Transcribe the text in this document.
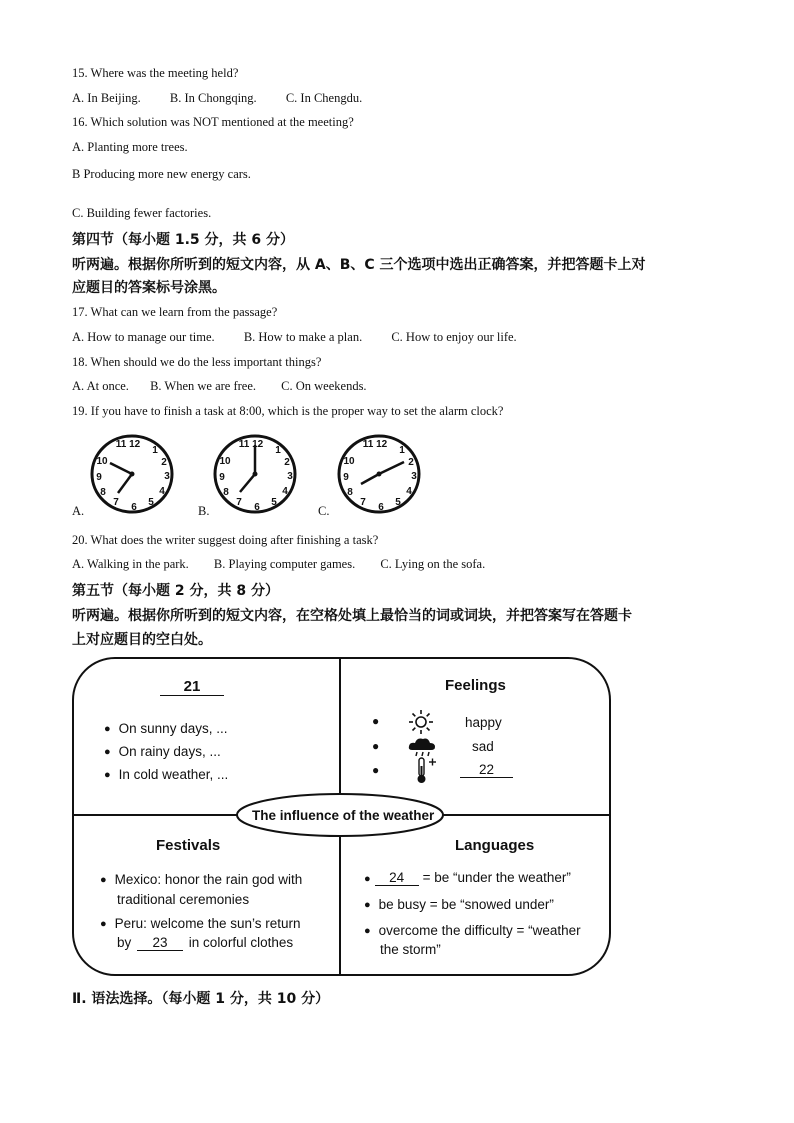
15. Where was the meeting held?
A. In Beijing. B. In Chongqing. C. In Chengdu.
16. Which solution was NOT mentioned at the meeting?
A. Planting more trees.
B Producing more new energy cars.
C. Building fewer factories.
第四节（每小题 1.5 分，共 6 分）
听两遍。根据你所听到的短文内容，从 A、B、C 三个选项中选出正确答案，并把答题卡上对
应题目的答案标号涂黑。
17. What can we learn from the passage?
A. How to manage our time. B. How to make a plan. C. How to enjoy our life.
18. When should we do the less important things?
A. At once. B. When we are free. C. On weekends.
19. If you have to finish a task at 8:00, which is the proper way to set the alarm clock?
11 12
1
2
3
4
5
6
7
8
9
10
11 12
1
2
3
4
5
6
7
8
9
10
11 12
1
2
3
4
5
6
7
8
9
10
A.	B.	C.
20. What does the writer suggest doing after finishing a task?
A. Walking in the park. B. Playing computer games. C. Lying on the sofa.
第五节（每小题 2 分，共 8 分）
听两遍。根据你所听到的短文内容，在空格处填上最恰当的词或词块，并把答案写在答题卡
上对应题目的空白处。
The influence of the weather
21
● On sunny days, ...
● On rainy days, ...
● In cold weather, ...
Feelings
●
●
●
happy
sad
22
Festivals
● Mexico: honor the rain god with
traditional ceremonies
● Peru: welcome the sun’s return
by 23 in colorful clothes
Languages
● 24 = be “under the weather”
● be busy = be “snowed under”
● overcome the difficulty = “weather
the storm”
Ⅱ. 语法选择。（每小题 1 分，共 10 分）
